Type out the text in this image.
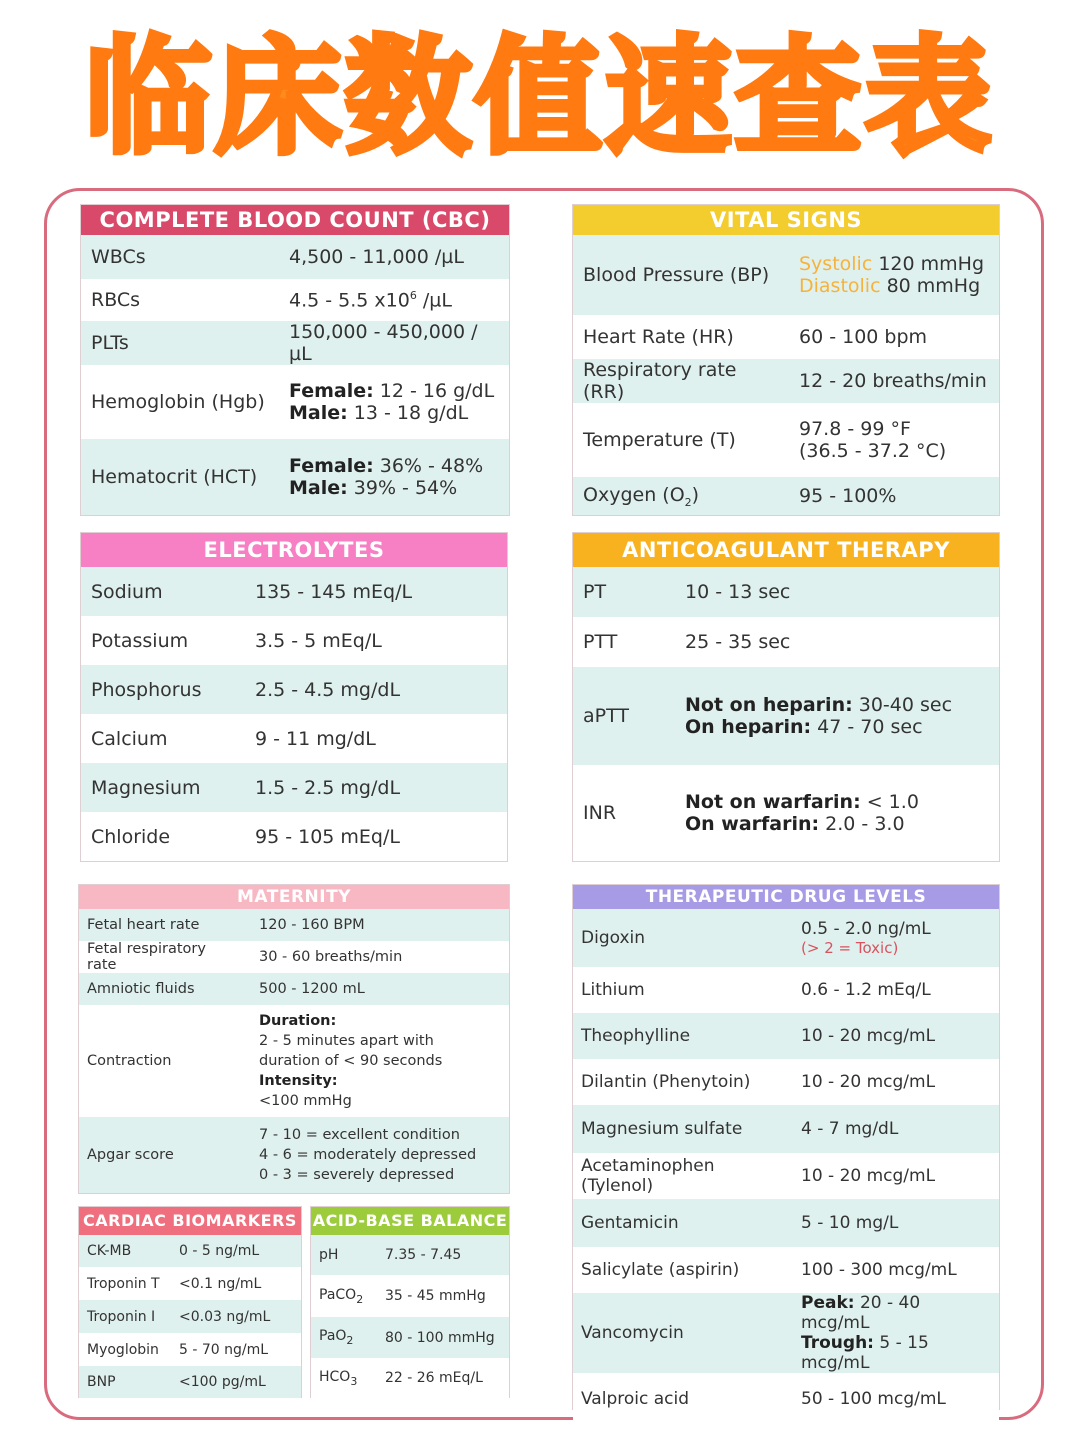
临床数值速查表
COMPLETE BLOOD COUNT (CBC)
WBCs	4,500 - 11,000 /µL
RBCs	4.5 - 5.5 $x10^6$ /µL
PLTs	150,000 - 450,000 /µL
Hemoglobin (Hgb)	Female: 12 - 16 g/dL
Male: 13 - 18 g/dL

Hematocrit (HCT)	Female: 36% - 48%
Male: 39% - 54%
VITAL SIGNS
Blood Pressure (BP)	Systolic 120 mmHg
Diastolic 80 mmHg

Heart Rate (HR)	60 - 100 bpm
Respiratory rate (RR)	12 - 20 breaths/min
Temperature (T)	97.8 - 99 °F
(36.5 - 37.2 °C)

Oxygen $(O_2)$	95 - 100%
ELECTROLYTES
Sodium	135 - 145 mEq/L
Potassium	3.5 - 5 mEq/L
Phosphorus	2.5 - 4.5 mg/dL
Calcium	9 - 11 mg/dL
Magnesium	1.5 - 2.5 mg/dL
Chloride	95 - 105 mEq/L
ANTICOAGULANT THERAPY
PT	10 - 13 sec
PTT	25 - 35 sec
aPTT	Not on heparin: 30-40 sec
On heparin: 47 - 70 sec

INR	Not on warfarin: < 1.0
On warfarin: 2.0 - 3.0
MATERNITY
Fetal heart rate	120 - 160 BPM
Fetal respiratory rate	30 - 60 breaths/min
Amniotic fluids	500 - 1200 mL
Contraction	Duration:
2 - 5 minutes apart with
duration of < 90 seconds
Intensity:
<100 mmHg

Apgar score	7 - 10 = excellent condition
4 - 6 = moderately depressed
0 - 3 = severely depressed
THERAPEUTIC DRUG LEVELS
Digoxin	0.5 - 2.0 ng/mL
(> 2 = Toxic)

Lithium	0.6 - 1.2 mEq/L
Theophylline	10 - 20 mcg/mL
Dilantin (Phenytoin)	10 - 20 mcg/mL
Magnesium sulfate	4 - 7 mg/dL
Acetaminophen (Tylenol)	10 - 20 mcg/mL
Gentamicin	5 - 10 mg/L
Salicylate (aspirin)	100 - 300 mcg/mL
Vancomycin	Peak: 20 - 40 mcg/mL
Trough: 5 - 15 mcg/mL

Valproic acid	50 - 100 mcg/mL
CARDIAC BIOMARKERS
CK-MB	0 - 5 ng/mL
Troponin T	<0.1 ng/mL
Troponin I	<0.03 ng/mL
Myoglobin	5 - 70 ng/mL
BNP	<100 pg/mL
ACID-BASE BALANCE
pH	7.35 - 7.45
PaCO$_2$	35 - 45 mmHg
PaO$_2$	80 - 100 mmHg
$HCO_3$	22 - 26 mEq/L
